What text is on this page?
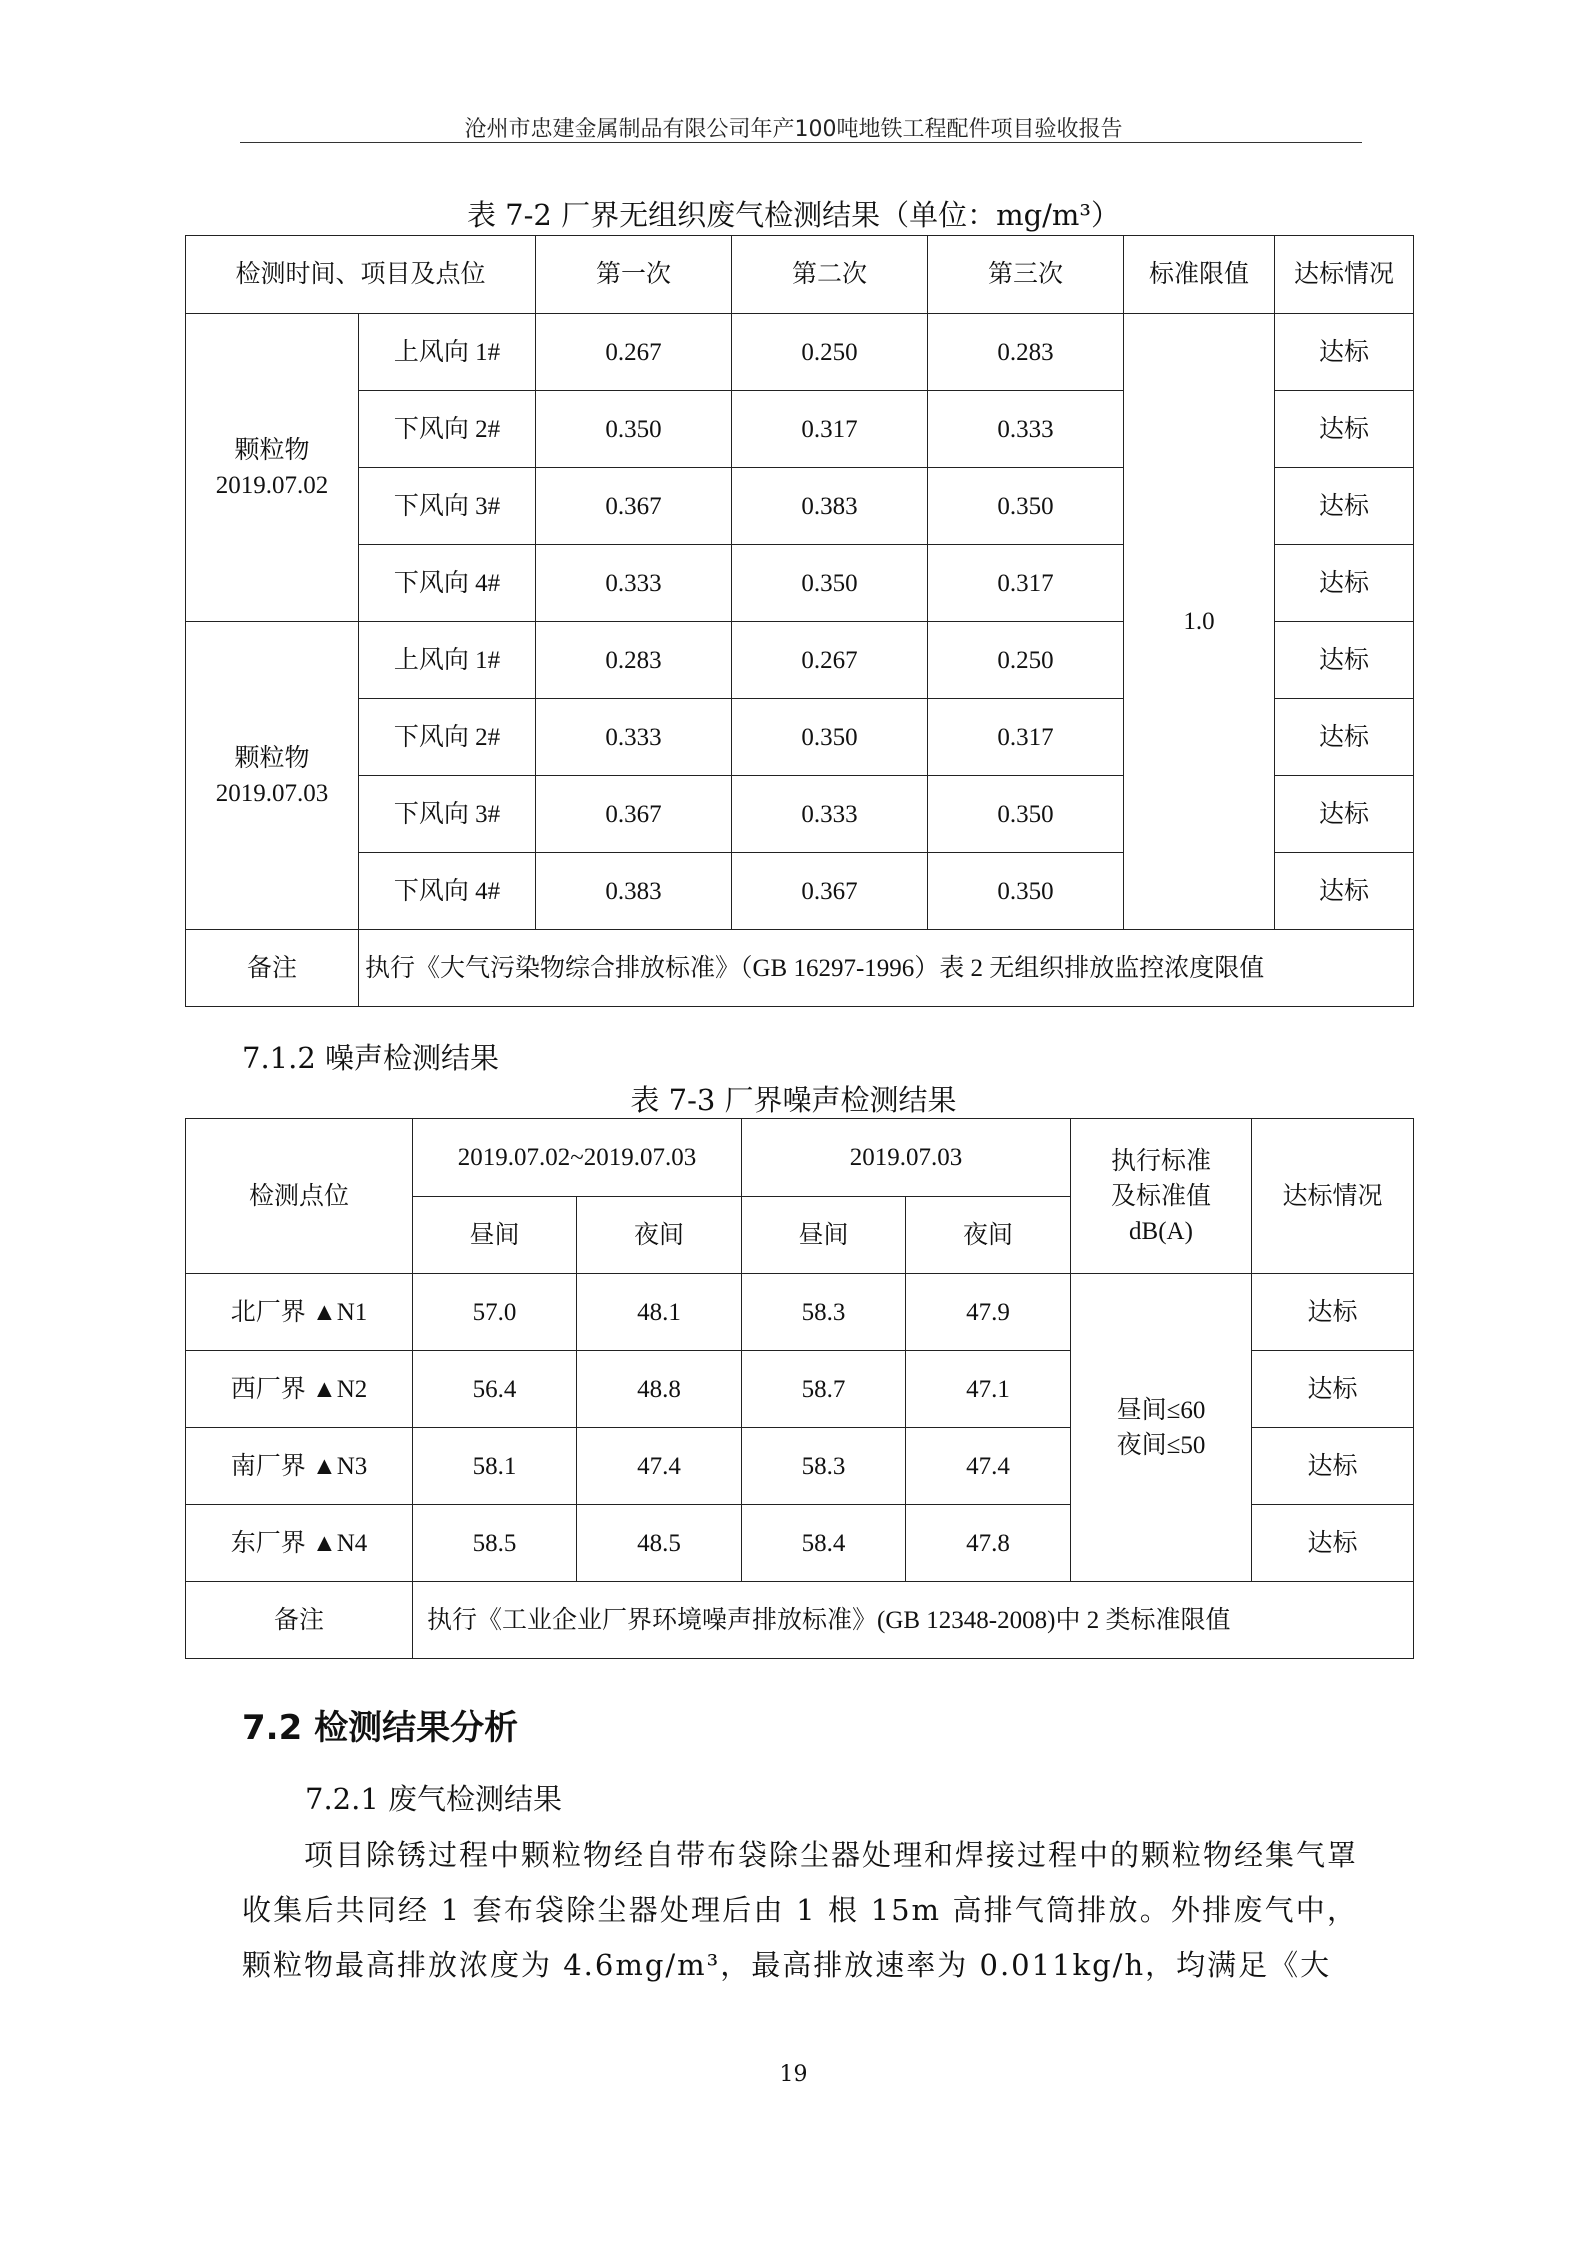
沧州市忠建金属制品有限公司年产100吨地铁工程配件项目验收报告
表 7-2 厂界无组织废气检测结果（单位：mg/m³）
检测时间、项目及点位		第一次	第二次	第三次	标准限值	达标情况

颗粒物
2019.07.02	上风向 1#	0.267	0.250	0.283	1.0	达标
	下风向 2#	0.350	0.317	0.333		达标
	下风向 3#	0.367	0.383	0.350		达标
	下风向 4#	0.333	0.350	0.317		达标

颗粒物
2019.07.03	上风向 1#	0.283	0.267	0.250		达标
	下风向 2#	0.333	0.350	0.317		达标
	下风向 3#	0.367	0.333	0.350		达标
	下风向 4#	0.383	0.367	0.350		达标
备注	执行《大气污染物综合排放标准》（GB 16297-1996）表 2 无组织排放监控浓度限值					
7.1.2 噪声检测结果
表 7-3 厂界噪声检测结果
检测点位	2019.07.02~2019.07.03		2019.07.03		执行标准
及标准值
dB(A)	达标情况
	昼间	夜间	昼间	夜间		
北厂界 ▲N1	57.0	48.1	58.3	47.9	昼间≤60
夜间≤50	达标
西厂界 ▲N2	56.4	48.8	58.7	47.1		达标
南厂界 ▲N3	58.1	47.4	58.3	47.4		达标
东厂界 ▲N4	58.5	48.5	58.4	47.8		达标
备注	执行《工业企业厂界环境噪声排放标准》(GB 12348-2008)中 2 类标准限值					
7.2 检测结果分析
7.2.1 废气检测结果
项目除锈过程中颗粒物经自带布袋除尘器处理和焊接过程中的颗粒物经集气罩收集后共同经 1 套布袋除尘器处理后由 1 根 15m 高排气筒排放。外排废气中，颗粒物最高排放浓度为 4.6mg/m³，最高排放速率为 0.011kg/h，均满足《大
19
